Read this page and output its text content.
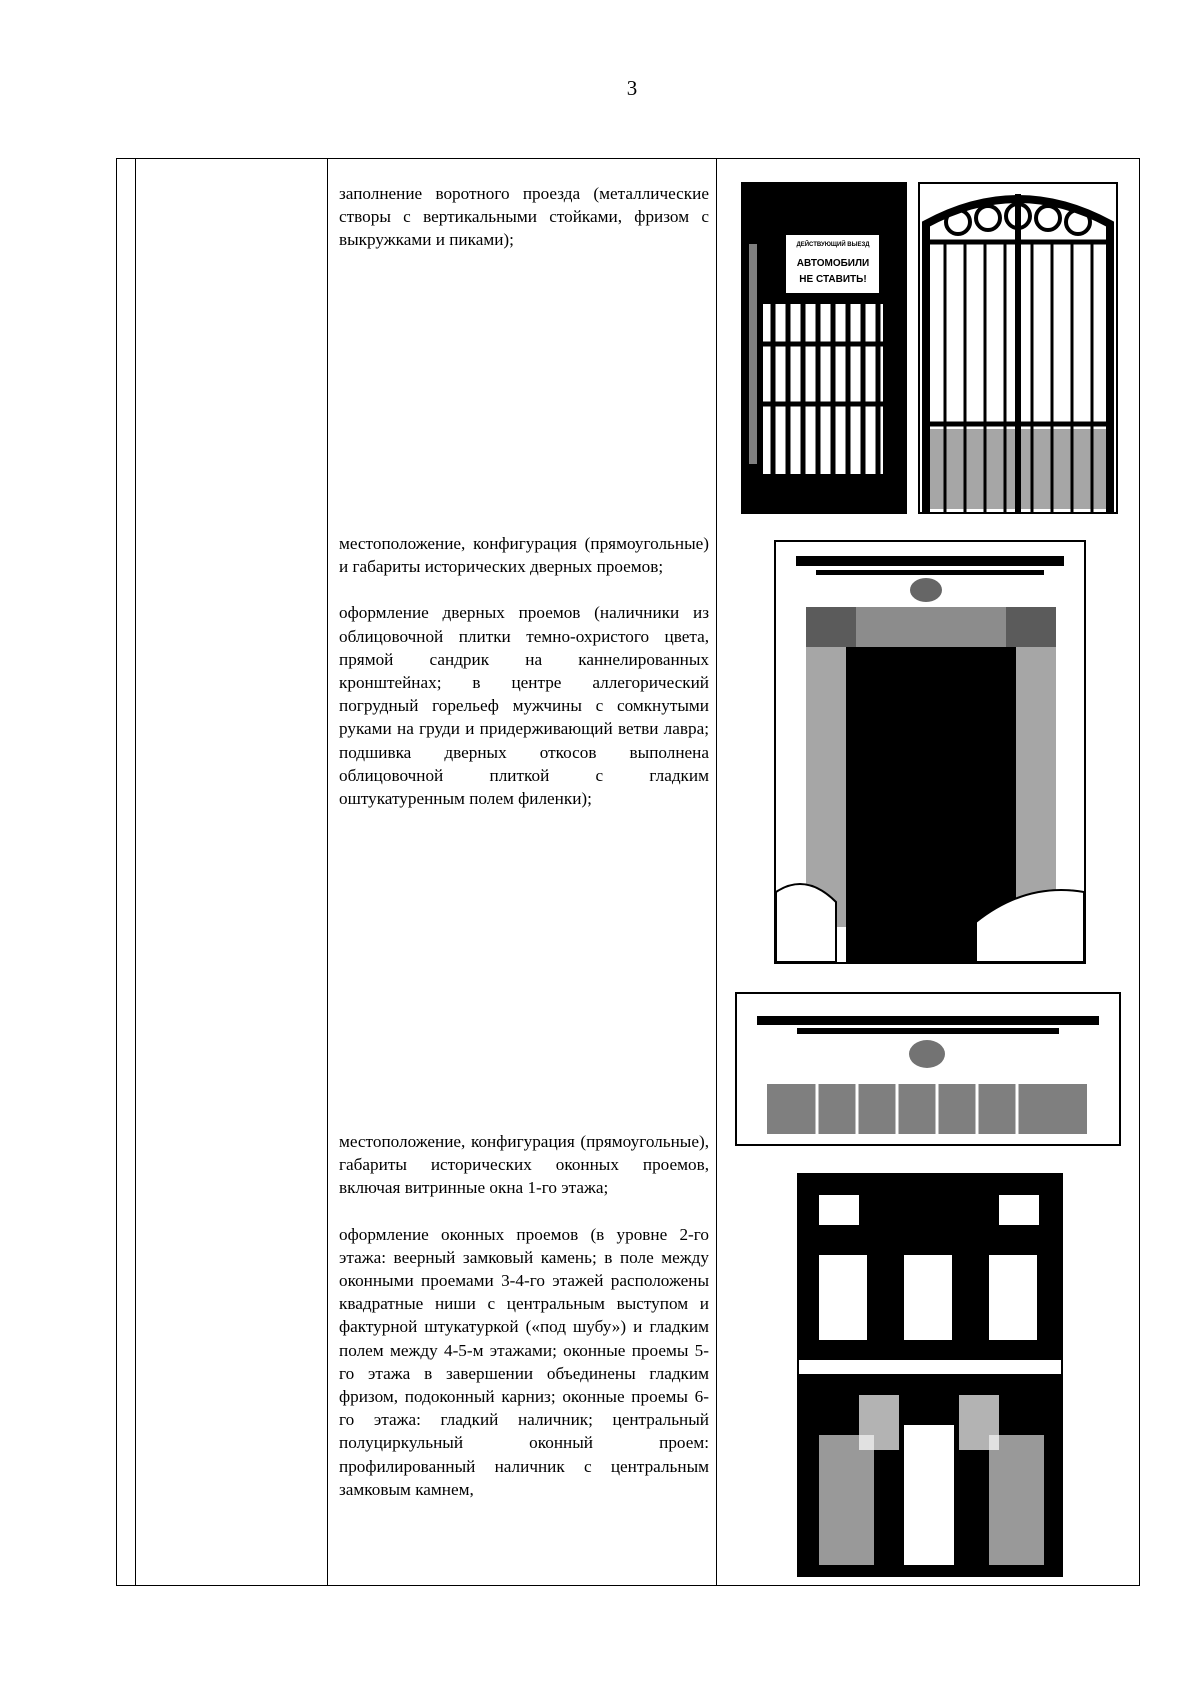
3

заполнение воротного проезда (металлические створы с вертикальными стойками, фризом с выкружками и пиками);

местоположение, конфигурация (прямоугольные) и габариты исторических дверных проемов;

оформление дверных проемов (наличники из облицовочной плитки темно-охристого цвета, прямой сандрик на каннелированных кронштейнах; в центре аллегорический погрудный горельеф мужчины с сомкнутыми руками на груди и придерживающий ветви лавра; подшивка дверных откосов выполнена облицовочной плиткой с гладким оштукатуренным полем филенки);

местоположение, конфигурация (прямоугольные), габариты исторических оконных проемов, включая витринные окна 1-го этажа;

оформление оконных проемов (в уровне 2-го этажа: веерный замковый камень; в поле между оконными проемами 3-4-го этажей расположены квадратные ниши с центральным выступом и фактурной штукатуркой («под шубу») и гладким полем между 4-5-м этажами; оконные проемы 5-го этажа в завершении объединены гладким фризом, подоконный карниз; оконные проемы 6-го этажа: гладкий наличник; центральный полуциркульный оконный проем: профилированный наличник с центральным замковым камнем,

ДЕЙСТВУЮЩИЙ ВЫЕЗД
АВТОМОБИЛИ
НЕ СТАВИТЬ!
